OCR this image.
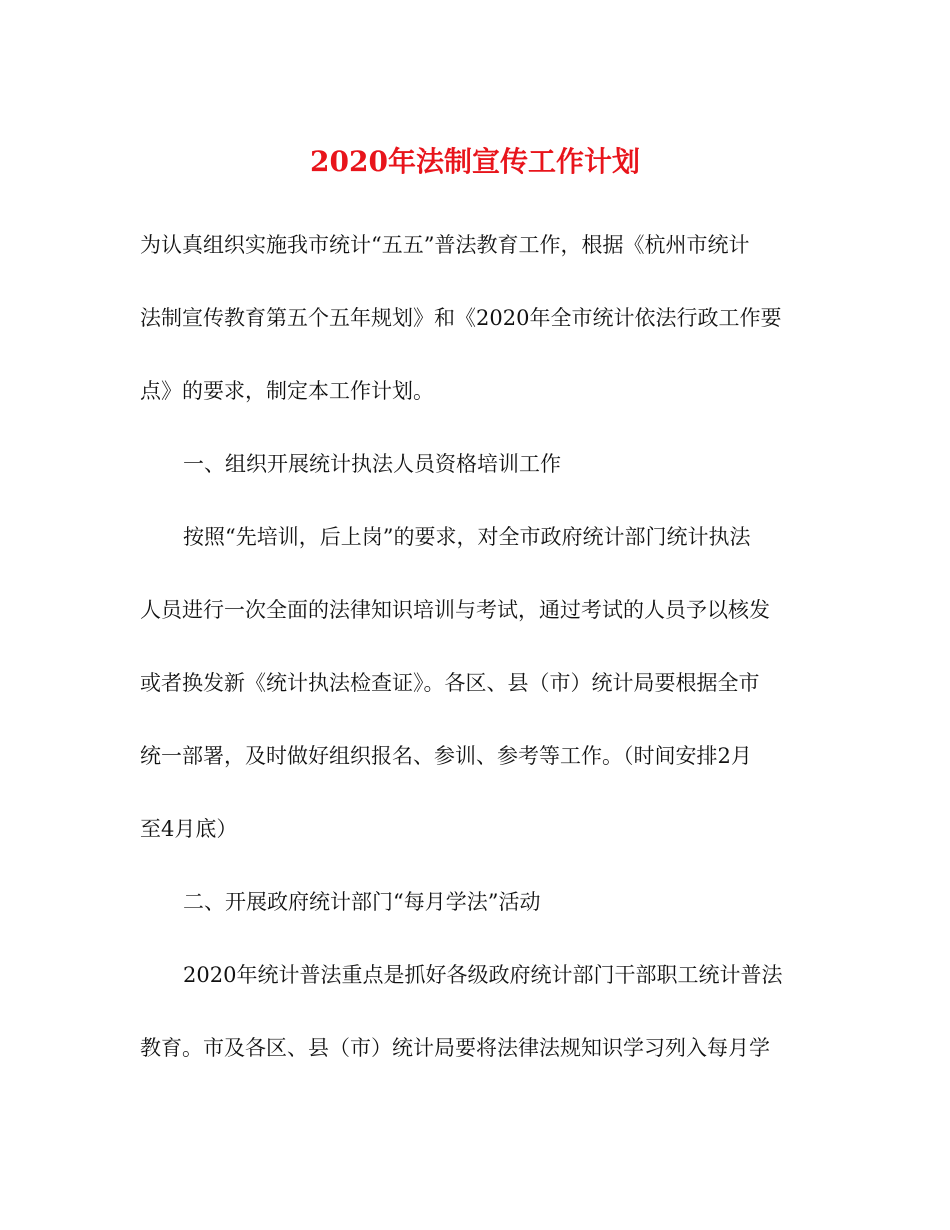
2020年法制宣传工作计划

为认真组织实施我市统计“五五”普法教育工作，根据《杭州市统计

法制宣传教育第五个五年规划》和《2020年全市统计依法行政工作要

点》的要求，制定本工作计划。

一、组织开展统计执法人员资格培训工作

按照“先培训，后上岗”的要求，对全市政府统计部门统计执法

人员进行一次全面的法律知识培训与考试，通过考试的人员予以核发

或者换发新《统计执法检查证》。各区、县（市）统计局要根据全市

统一部署，及时做好组织报名、参训、参考等工作。（时间安排2月

至4月底）

二、开展政府统计部门“每月学法”活动

2020年统计普法重点是抓好各级政府统计部门干部职工统计普法

教育。市及各区、县（市）统计局要将法律法规知识学习列入每月学
